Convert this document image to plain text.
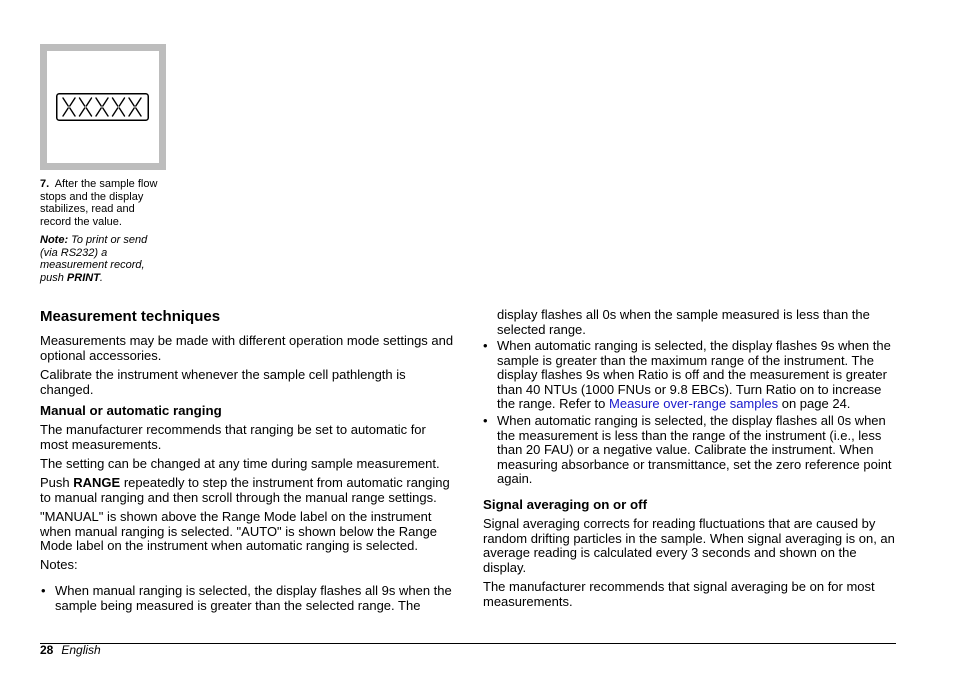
7. After the sample flow stops and the display stabilizes, read and record the value.
Note: To print or send (via RS232) a measurement record, push PRINT.
Measurement techniques
Measurements may be made with different operation mode settings and optional accessories.
Calibrate the instrument whenever the sample cell pathlength is changed.
Manual or automatic ranging
The manufacturer recommends that ranging be set to automatic for most measurements.
The setting can be changed at any time during sample measurement.
Push RANGE repeatedly to step the instrument from automatic ranging to manual ranging and then scroll through the manual range settings.
"MANUAL" is shown above the Range Mode label on the instrument when manual ranging is selected. "AUTO" is shown below the Range Mode label on the instrument when automatic ranging is selected.
Notes:
• When manual ranging is selected, the display flashes all 9s when the sample being measured is greater than the selected range. The
display flashes all 0s when the sample measured is less than the selected range.
• When automatic ranging is selected, the display flashes 9s when the sample is greater than the maximum range of the instrument. The display flashes 9s when Ratio is off and the measurement is greater than 40 NTUs (1000 FNUs or 9.8 EBCs). Turn Ratio on to increase the range. Refer to Measure over-range samples on page 24.
• When automatic ranging is selected, the display flashes all 0s when the measurement is less than the range of the instrument (i.e., less than 20 FAU) or a negative value. Calibrate the instrument. When measuring absorbance or transmittance, set the zero reference point again.
Signal averaging on or off
Signal averaging corrects for reading fluctuations that are caused by random drifting particles in the sample. When signal averaging is on, an average reading is calculated every 3 seconds and shown on the display.
The manufacturer recommends that signal averaging be on for most measurements.
28 English
